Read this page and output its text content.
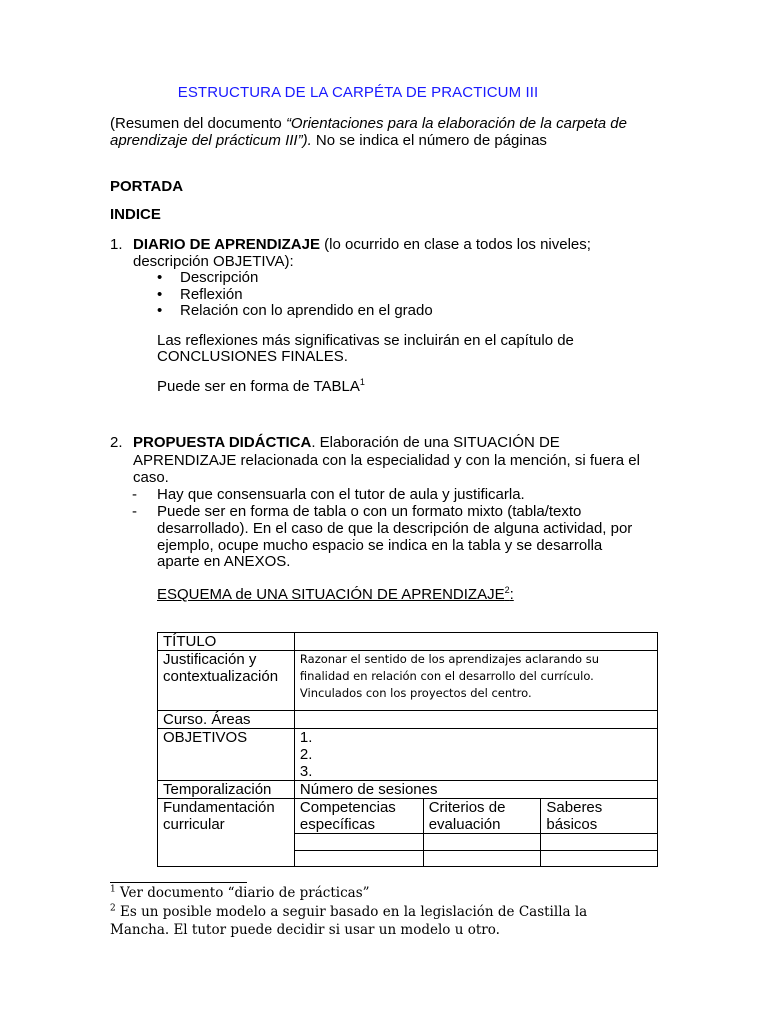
ESTRUCTURA DE LA CARPÉTA DE PRACTICUM III
(Resumen del documento “Orientaciones para la elaboración de la carpeta de aprendizaje del prácticum III”). No se indica el número de páginas
PORTADA
INDICE
1. DIARIO DE APRENDIZAJE (lo ocurrido en clase a todos los niveles;
descripción OBJETIVA):
• Descripción
• Reflexión
• Relación con lo aprendido en el grado
Las reflexiones más significativas se incluirán en el capítulo de
CONCLUSIONES FINALES.
Puede ser en forma de TABLA$^1$
2. PROPUESTA DIDÁCTICA. Elaboración de una SITUACIÓN DE
APRENDIZAJE relacionada con la especialidad y con la mención, si fuera el
caso.
- Hay que consensuarla con el tutor de aula y justificarla.
- Puede ser en forma de tabla o con un formato mixto (tabla/texto
desarrollado). En el caso de que la descripción de alguna actividad, por
ejemplo, ocupe mucho espacio se indica en la tabla y se desarrolla
aparte en ANEXOS.
ESQUEMA de UNA SITUACIÓN DE APRENDIZAJE$^2$:
TÍTULO			
Justificación y contextualización	Razonar el sentido de los aprendizajes aclarando su finalidad en relación con el desarrollo del currículo. Vinculados con los proyectos del centro.		
Curso. Áreas			
OBJETIVOS	1.
2.
3.		

Temporalización	Número de sesiones		
Fundamentación curricular	Competencias específicas	Criterios de evaluación	Saberes básicos

$^1$ Ver documento “diario de prácticas”
$^2$ Es un posible modelo a seguir basado en la legislación de Castilla la Mancha. El tutor puede decidir si usar un modelo u otro.
